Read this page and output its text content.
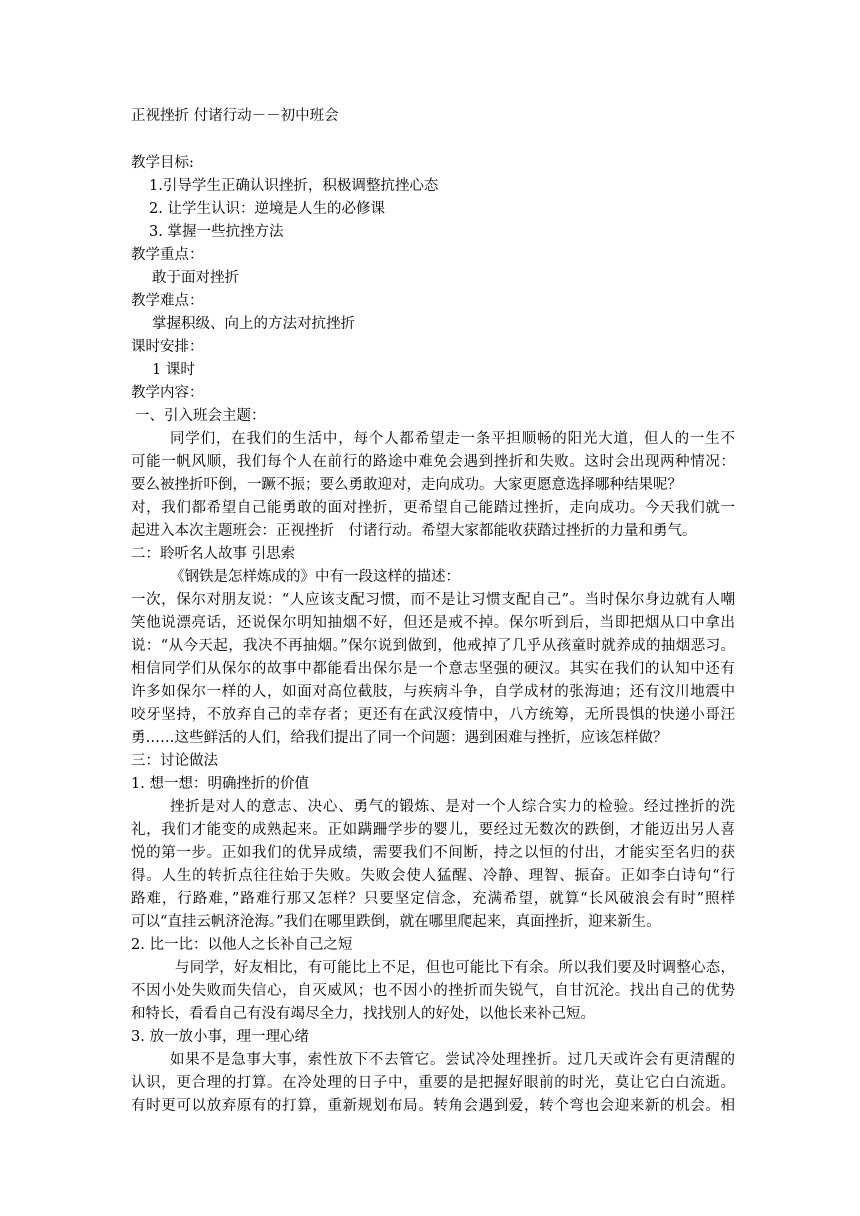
正视挫折 付诸行动－－初中班会
教学目标:
1.引导学生正确认识挫折，积极调整抗挫心态
2. 让学生认识：逆境是人生的必修课
3. 掌握一些抗挫方法
教学重点：
敢于面对挫折
教学难点：
掌握积级、向上的方法对抗挫折
课时安排：
1 课时
教学内容：
一、引入班会主题：
同学们，在我们的生活中，每个人都希望走一条平担顺畅的阳光大道，但人的一生不
可能一帆风顺，我们每个人在前行的路途中难免会遇到挫折和失败。这时会出现两种情况：
要么被挫折吓倒，一蹶不振；要么勇敢迎对，走向成功。大家更愿意选择哪种结果呢？
对，我们都希望自己能勇敢的面对挫折，更希望自己能踏过挫折，走向成功。今天我们就一
起进入本次主题班会：正视挫折　付诸行动。希望大家都能收获踏过挫折的力量和勇气。
二：聆听名人故事 引思索
《钢铁是怎样炼成的》中有一段这样的描述：
一次，保尔对朋友说：“人应该支配习惯，而不是让习惯支配自己”。当时保尔身边就有人嘲
笑他说漂亮话，还说保尔明知抽烟不好，但还是戒不掉。保尔听到后，当即把烟从口中拿出
说：“从今天起，我决不再抽烟。”保尔说到做到，他戒掉了几乎从孩童时就养成的抽烟恶习。
相信同学们从保尔的故事中都能看出保尔是一个意志坚强的硬汉。其实在我们的认知中还有
许多如保尔一样的人，如面对高位截肢，与疾病斗争，自学成材的张海迪；还有汶川地震中
咬牙坚持，不放弃自己的幸存者；更还有在武汉疫情中，八方统筹，无所畏惧的快递小哥汪
勇……这些鲜活的人们，给我们提出了同一个问题：遇到困难与挫折，应该怎样做？
三：讨论做法
1. 想一想：明确挫折的价值
挫折是对人的意志、决心、勇气的锻炼、是对一个人综合实力的检验。经过挫折的洗
礼，我们才能变的成熟起来。正如蹒跚学步的婴儿，要经过无数次的跌倒，才能迈出另人喜
悦的第一步。正如我们的优异成绩，需要我们不间断，持之以恒的付出，才能实至名归的获
得。人生的转折点往往始于失败。失败会使人猛醒、冷静、理智、振奋。正如李白诗句“行
路难，行路难，”路难行那又怎样？只要坚定信念，充满希望，就算“长风破浪会有时”照样
可以“直挂云帆济沧海。”我们在哪里跌倒，就在哪里爬起来，真面挫折，迎来新生。
2. 比一比：以他人之长补自己之短
与同学，好友相比，有可能比上不足，但也可能比下有余。所以我们要及时调整心态，
不因小处失败而失信心，自灭威风；也不因小的挫折而失锐气，自甘沉沦。找出自己的优势
和特长，看看自己有没有竭尽全力，找找别人的好处，以他长来补己短。
3. 放一放小事，理一理心绪
如果不是急事大事，索性放下不去管它。尝试冷处理挫折。过几天或许会有更清醒的
认识，更合理的打算。在冷处理的日子中，重要的是把握好眼前的时光，莫让它白白流逝。
有时更可以放弃原有的打算，重新规划布局。转角会遇到爱，转个弯也会迎来新的机会。相
